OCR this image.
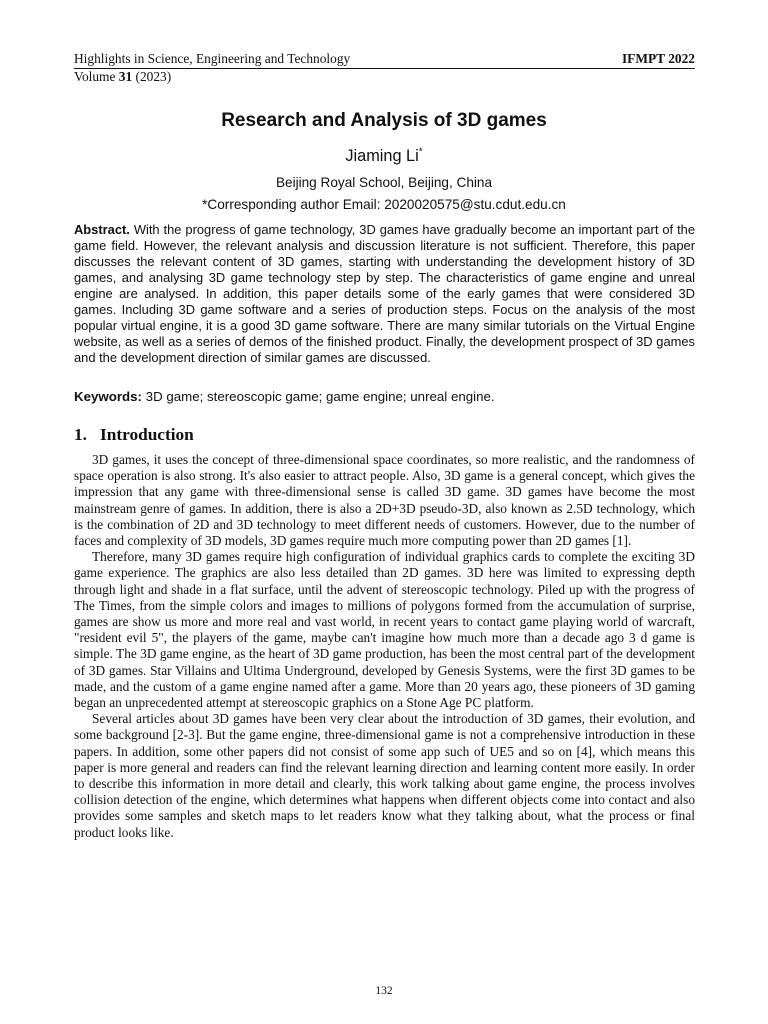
Highlights in Science, Engineering and Technology	IFMPT 2022
Volume 31 (2023)
Research and Analysis of 3D games
Jiaming Li*
Beijing Royal School, Beijing, China
*Corresponding author Email: 2020020575@stu.cdut.edu.cn

Abstract. With the progress of game technology, 3D games have gradually become an important part of the game field. However, the relevant analysis and discussion literature is not sufficient. Therefore, this paper discusses the relevant content of 3D games, starting with understanding the development history of 3D games, and analysing 3D game technology step by step. The characteristics of game engine and unreal engine are analysed. In addition, this paper details some of the early games that were considered 3D games. Including 3D game software and a series of production steps. Focus on the analysis of the most popular virtual engine, it is a good 3D game software. There are many similar tutorials on the Virtual Engine website, as well as a series of demos of the finished product. Finally, the development prospect of 3D games and the development direction of similar games are discussed.

Keywords: 3D game; stereoscopic game; game engine; unreal engine.

1. Introduction

3D games, it uses the concept of three-dimensional space coordinates, so more realistic, and the randomness of space operation is also strong. It's also easier to attract people. Also, 3D game is a general concept, which gives the impression that any game with three-dimensional sense is called 3D game. 3D games have become the most mainstream genre of games. In addition, there is also a 2D+3D pseudo-3D, also known as 2.5D technology, which is the combination of 2D and 3D technology to meet different needs of customers. However, due to the number of faces and complexity of 3D models, 3D games require much more computing power than 2D games [1].

Therefore, many 3D games require high configuration of individual graphics cards to complete the exciting 3D game experience. The graphics are also less detailed than 2D games. 3D here was limited to expressing depth through light and shade in a flat surface, until the advent of stereoscopic technology. Piled up with the progress of The Times, from the simple colors and images to millions of polygons formed from the accumulation of surprise, games are show us more and more real and vast world, in recent years to contact game playing world of warcraft, "resident evil 5", the players of the game, maybe can't imagine how much more than a decade ago 3 d game is simple. The 3D game engine, as the heart of 3D game production, has been the most central part of the development of 3D games. Star Villains and Ultima Underground, developed by Genesis Systems, were the first 3D games to be made, and the custom of a game engine named after a game. More than 20 years ago, these pioneers of 3D gaming began an unprecedented attempt at stereoscopic graphics on a Stone Age PC platform.

Several articles about 3D games have been very clear about the introduction of 3D games, their evolution, and some background [2-3]. But the game engine, three-dimensional game is not a comprehensive introduction in these papers. In addition, some other papers did not consist of some app such of UE5 and so on [4], which means this paper is more general and readers can find the relevant learning direction and learning content more easily. In order to describe this information in more detail and clearly, this work talking about game engine, the process involves collision detection of the engine, which determines what happens when different objects come into contact and also provides some samples and sketch maps to let readers know what they talking about, what the process or final product looks like.

132
